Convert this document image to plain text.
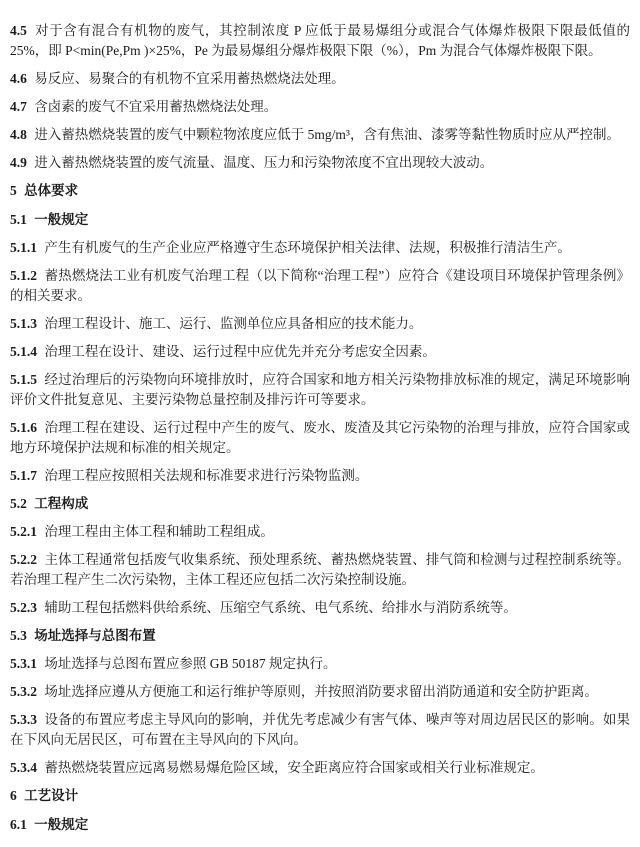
4.5 对于含有混合有机物的废气，其控制浓度 P 应低于最易爆组分或混合气体爆炸极限下限最低值的 25%，即 P<min(Pe,Pm )×25%，Pe 为最易爆组分爆炸极限下限（%），Pm 为混合气体爆炸极限下限。

4.6 易反应、易聚合的有机物不宜采用蓄热燃烧法处理。

4.7 含卤素的废气不宜采用蓄热燃烧法处理。

4.8 进入蓄热燃烧装置的废气中颗粒物浓度应低于 5mg/m³，含有焦油、漆雾等黏性物质时应从严控制。

4.9 进入蓄热燃烧装置的废气流量、温度、压力和污染物浓度不宜出现较大波动。

5 总体要求

5.1 一般规定

5.1.1 产生有机废气的生产企业应严格遵守生态环境保护相关法律、法规，积极推行清洁生产。

5.1.2 蓄热燃烧法工业有机废气治理工程（以下简称“治理工程”）应符合《建设项目环境保护管理条例》的相关要求。

5.1.3 治理工程设计、施工、运行、监测单位应具备相应的技术能力。

5.1.4 治理工程在设计、建设、运行过程中应优先并充分考虑安全因素。

5.1.5 经过治理后的污染物向环境排放时，应符合国家和地方相关污染物排放标准的规定，满足环境影响评价文件批复意见、主要污染物总量控制及排污许可等要求。

5.1.6 治理工程在建设、运行过程中产生的废气、废水、废渣及其它污染物的治理与排放，应符合国家或地方环境保护法规和标准的相关规定。

5.1.7 治理工程应按照相关法规和标准要求进行污染物监测。

5.2 工程构成

5.2.1 治理工程由主体工程和辅助工程组成。

5.2.2 主体工程通常包括废气收集系统、预处理系统、蓄热燃烧装置、排气筒和检测与过程控制系统等。若治理工程产生二次污染物，主体工程还应包括二次污染控制设施。

5.2.3 辅助工程包括燃料供给系统、压缩空气系统、电气系统、给排水与消防系统等。

5.3 场址选择与总图布置

5.3.1 场址选择与总图布置应参照 GB 50187 规定执行。

5.3.2 场址选择应遵从方便施工和运行维护等原则，并按照消防要求留出消防通道和安全防护距离。

5.3.3 设备的布置应考虑主导风向的影响，并优先考虑减少有害气体、噪声等对周边居民区的影响。如果在下风向无居民区，可布置在主导风向的下风向。

5.3.4 蓄热燃烧装置应远离易燃易爆危险区域，安全距离应符合国家或相关行业标准规定。

6 工艺设计

6.1 一般规定
